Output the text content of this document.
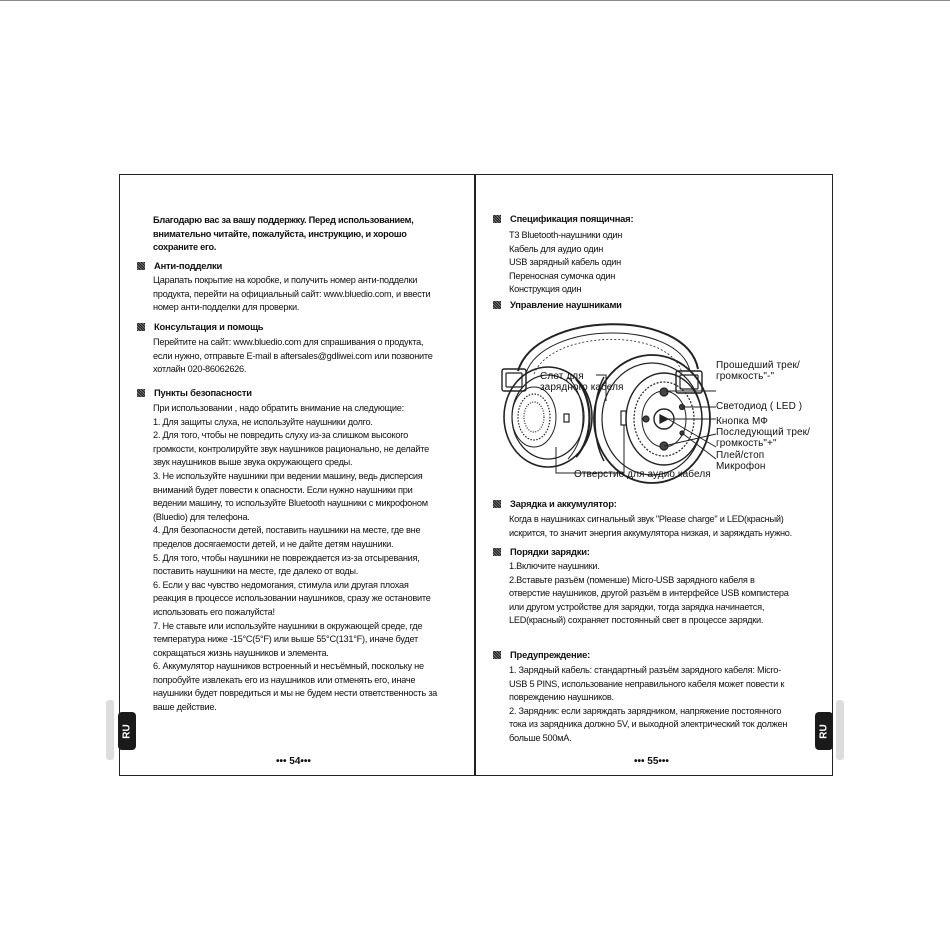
Благодарю вас за вашу поддержку. Перед использованием,

внимательно читайте, пожалуйста, инструкцию, и хорошо

сохраните его.

Анти-подделки

Царапать покрытие на коробке, и получить номер анти-подделки

продукта, перейти на официальный сайт: www.bluedio.com, и ввести

номер анти-подделки для проверки.

Консультация и помощь

Перейтите на сайт: www.bluedio.com для спрашивания о продукта,

если нужно, отправьте E-mail в aftersales@gdliwei.com или позвоните

хотлайн 020-86062626.

Пункты безопасности

При использовании , надо обратить внимание на следующие:

1. Для защиты слуха, не используйте наушники долго.

2. Для того, чтобы не повредить слуху из-за слишком высокого

громкости, контролируйте звук наушников рационально, не делайте

звук наушников выше звука окружающего среды.

3. Не используйте наушники при ведении машину, ведь дисперсия

вниманий будет повести к опасности. Если нужно наушники при

ведении машину, то используйте Bluetooth наушники с микрофоном

(Bluedio) для телефона.

4. Для безопасности детей, поставить наушники на месте, где вне

пределов досягаемости детей, и не дайте детям наушники.

5. Для того, чтобы наушники не повреждается из-за отсыревания,

поставить наушники на месте, где далеко от воды.

6. Если у вас чувство недомогания, стимула или другая плохая

реакция в процессе использовании наушников, сразу же остановите

использовать его пожалуйста!

7. Не ставьте или используйте наушники в окружающей среде, где

температура ниже -15°С(5°F) или выше 55°С(131°F), иначе будет

сокращаться жизнь наушников и элемента.

6. Аккумулятор наушников встроенный и несъёмный, поскольку не

попробуйте извлекать его из наушников или отменять его, иначе

наушники будет повредиться и мы не будем нести ответственность за

ваше действие.

••• 54•••
RU
Спецификация поящичная:

T3 Bluetooth-наушники один

Кабель для аудио один

USB зарядный кабель один

Переносная сумочка один

Конструкция один

Управление наушниками

Прошедший трек/

громкость"-"

Слот для

зарядного кабеля

Светодиод ( LED )
Кнопка МФ

Последующий трек/

громкость"+"

Плей/стоп
Микрофон
Отверстие для аудио кабеля
Зарядка и аккумулятор:

Когда в наушниках сигнальный звук "Please charge" и LED(красный)

искрится, то значит энергия аккумулятора низкая, и заряждать нужно.

Порядки зарядки:

1.Включите наушники.

2.Вставьте разъём (поменше) Micro-USB зарядного кабеля в

отверстие наушников, другой разъём в интерфейсе USB компистера

или другом устройстве для зарядки, тогда зарядка начинается,

LED(красный) сохраняет постоянный свет в процессе зарядки.

Предупреждение:

1. Зарядный кабель: стандартный разъём зарядного кабеля: Micro-

USB 5 PINS, использование неправильного кабеля может повести к

повреждению наушников.

2. Зарядник: если заряждать зарядником, напряжение постоянного

тока из зарядника должно 5V, и выходной электрический ток должен

больше 500мА.

••• 55•••
RU
